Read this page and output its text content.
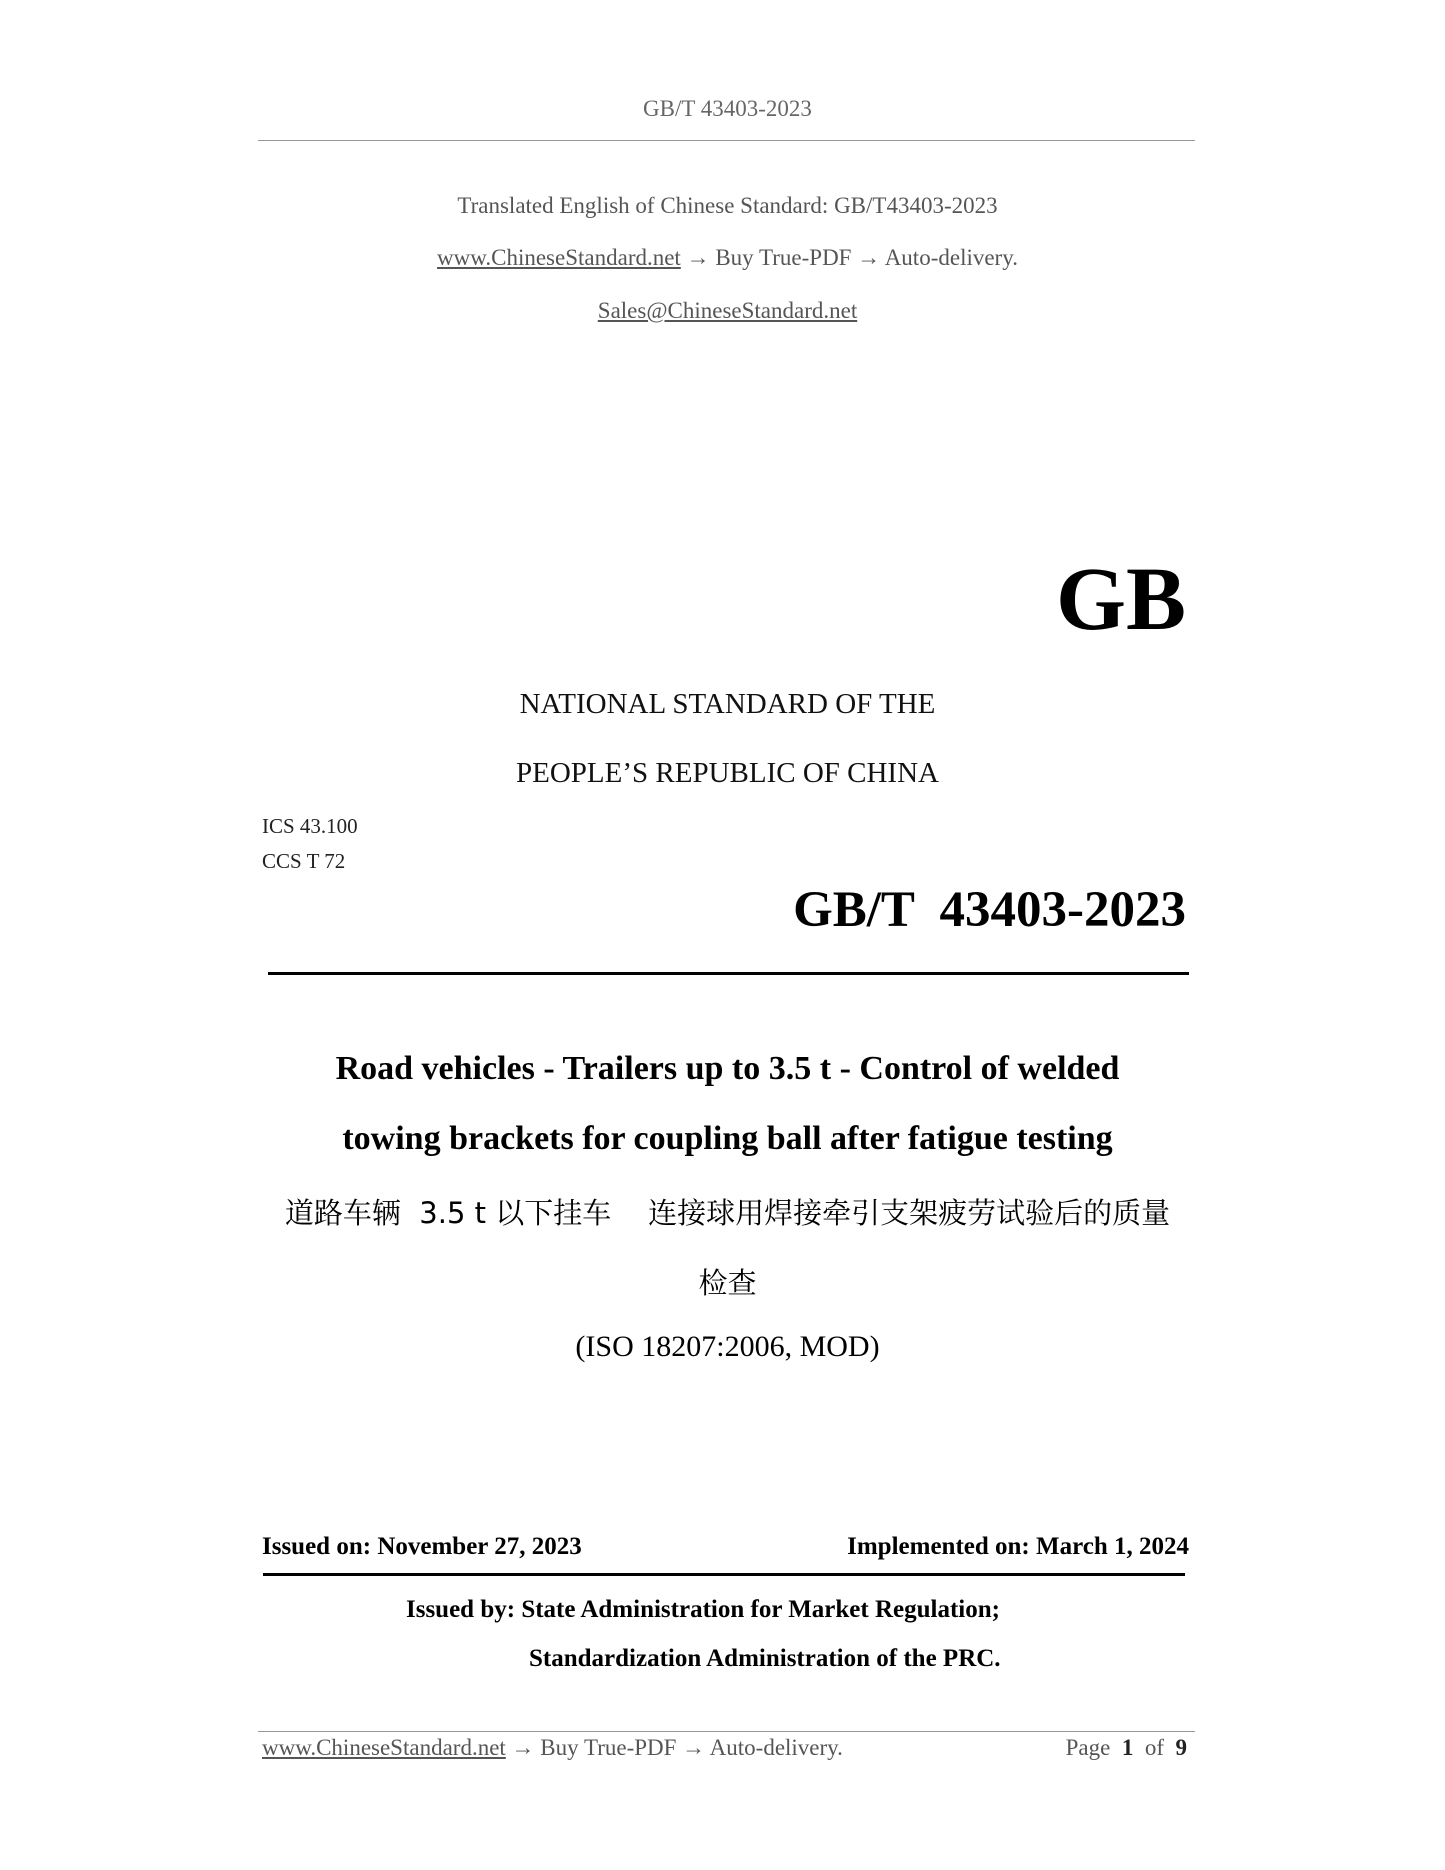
GB/T 43403-2023
Translated English of Chinese Standard: GB/T43403-2023
www.ChineseStandard.net → Buy True-PDF → Auto-delivery.
Sales@ChineseStandard.net
GB
NATIONAL STANDARD OF THE
PEOPLE’S REPUBLIC OF CHINA
ICS 43.100
CCS T 72
GB/T  43403-2023
Road vehicles - Trailers up to 3.5 t - Control of welded
towing brackets for coupling ball after fatigue testing
道路车辆  3.5 t 以下挂车    连接球用焊接牵引支架疲劳试验后的质量
检查
(ISO 18207:2006, MOD)
Issued on: November 27, 2023	Implemented on: March 1, 2024
Issued by: State Administration for Market Regulation;
Standardization Administration of the PRC.
www.ChineseStandard.net → Buy True-PDF → Auto-delivery.	Page 1 of 9
